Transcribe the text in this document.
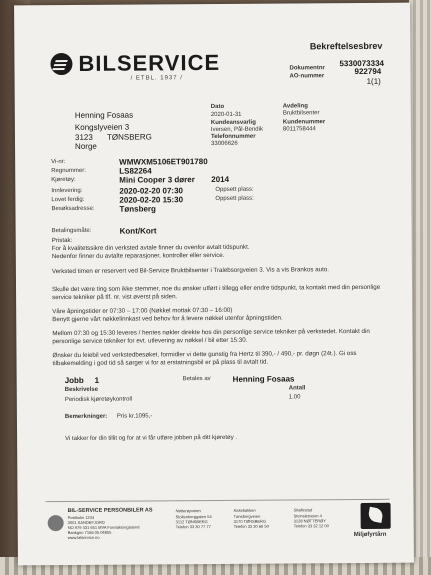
BILSERVICE
/ ETBL. 1937 /
Bekreftelsesbrev
Dokumentnr
5330073334
AO-nummer
922794
1(1)
Henning Fosaas
Kongslyveien 3
3123 TØNSBERG
Norge
Dato
2020-01-31
Kundeansvarlig
Iversen, Pål-Bendik
Telefonnummer
33006626
Avdeling
Bruktbilsenter
Kundenummer
8011758444
Vi-nr:	WMWXM5106ET901780
Regnummer:	LS82264
Kjøretøy:	Mini Cooper 3 dører 2014
Innlevering:	2020-02-20 07:30	Oppsett plass:
Lovet ferdig:	2020-02-20 15:30	Oppsett plass:
Besøksadresse:	Tønsberg
Betalingsmåte:	Kont/Kort
Pristak:
For å kvalitetssikre din verksted avtale finner du ovenfor avtalt tidspunkt.
Nedenfor finner du avtalte reparasjoner, kontroller eller service.
Verksted timen er reservert ved Bil-Service Bruktbilsenter i Tralebsorgveien 3. Vis a vis Brankos auto.
Skulle det være ting som ikke stemmer, noe du ønsker utført i tillegg eller endre tidspunkt, ta kontakt med din personlige service tekniker på tlf. nr. vist øverst på siden.
Våre åpningstider er 07:30 – 17:00 (Nøkkel mottak 07:30 – 16:00)
Benytt gjerne vårt nøkkelinnkast ved behov for å levere nøkkel utenfor åpningstiden.
Mellom 07:30 og 15:30 leveres / hentes nøkler direkte hos din personlige service tekniker på verkstedet. Kontakt din personlige service tekniker for evt. utlevering av nøkkel / bil etter 15:30.
Ønsker du leiebil ved verkstedbesøket, formidler vi dette gunstig fra Hertz til 390,- / 490,- pr. døgn (24t.). Gi oss tilbakemelding i god tid så sørger vi for at erstatningsbil er på plass til avtalt tid.
Jobb 1	Betales av	Henning Fosaas
Beskrivelse	Antall
Periodisk kjøretøykontroll	1.00
Bemerkninger: Pris kr.1095,-
Vi takker for din tillit og for at vi får utføre jobben på ditt kjøretøy .
BIL-SERVICE PERSONBILER AS
Postboks 1234
3001 SANDEFJORD
NO 979 431 651 MVA Foretaksregisteret
Bankgiro 7166.05.04855
www.bilservice.no
Nøtterøyveien
Stoltenberggaten 54
3112 TØNSBERG
Telefon 33 30 77 77
Kirkebakken
Tønsbergveien
3170 TØNSBERG
Telefon 33 30 66 50
Skallestad
Steinsletveien 4
3128 NØTTERØY
Telefon 33 32 12 00
Miljøfyrtårn
